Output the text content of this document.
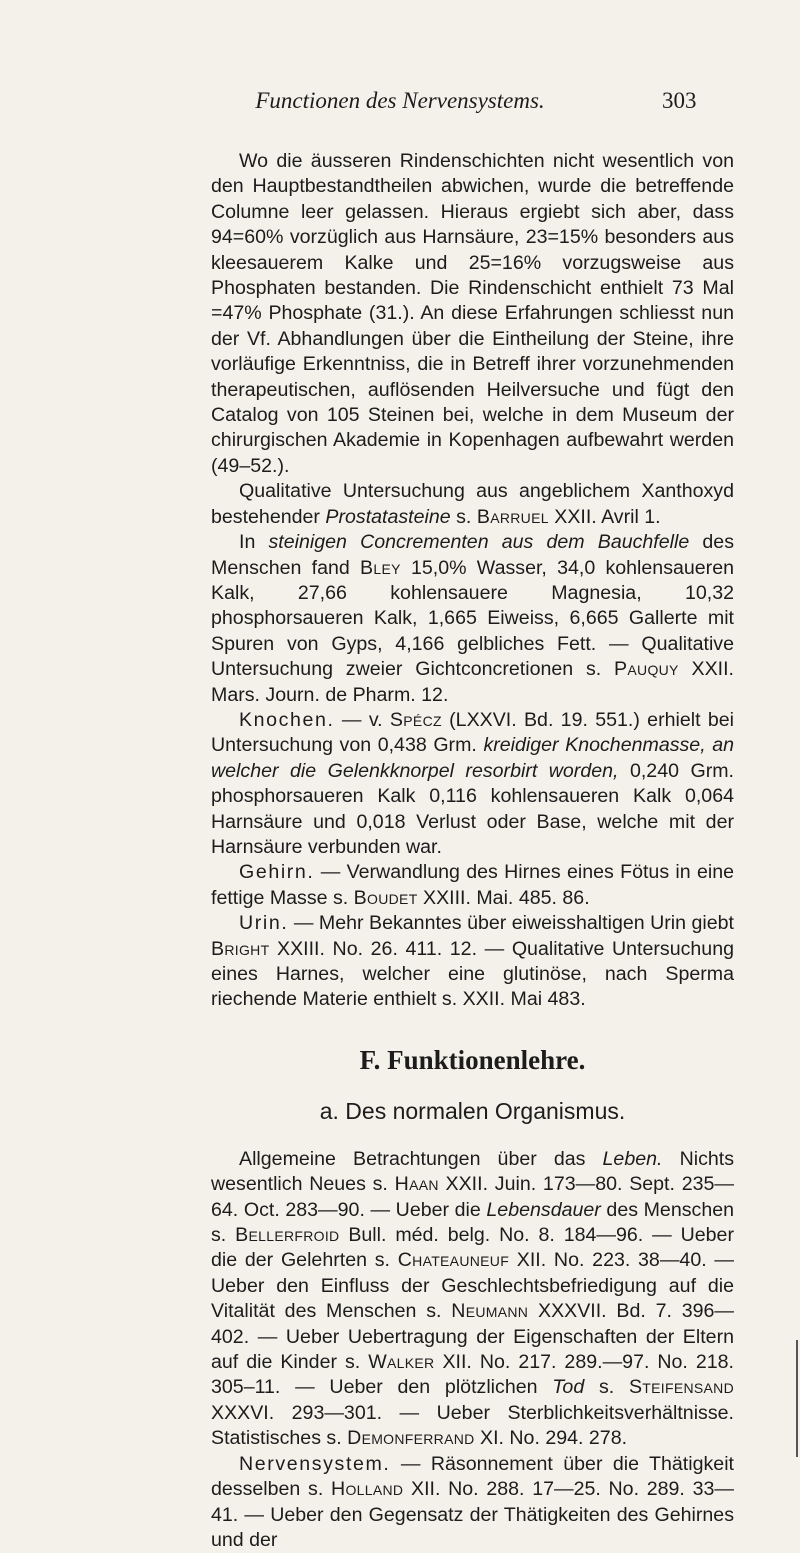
Functionen des Nervensystems.	303

Wo die äusseren Rindenschichten nicht wesentlich von den Hauptbestandtheilen abwichen, wurde die betreffende Columne leer gelassen. Hieraus ergiebt sich aber, dass 94=60% vorzüglich aus Harnsäure, 23=15% besonders aus kleesauerem Kalke und 25=16% vorzugsweise aus Phosphaten bestanden. Die Rindenschicht enthielt 73 Mal =47% Phosphate (31.). An diese Erfahrungen schliesst nun der Vf. Abhandlungen über die Eintheilung der Steine, ihre vorläufige Erkenntniss, die in Betreff ihrer vorzunehmenden therapeutischen, auflösenden Heilversuche und fügt den Catalog von 105 Steinen bei, welche in dem Museum der chirurgischen Akademie in Kopenhagen aufbewahrt werden (49–52.).

Qualitative Untersuchung aus angeblichem Xanthoxyd bestehender Prostatasteine s. Barruel XXII. Avril 1.

In steinigen Concrementen aus dem Bauchfelle des Menschen fand Bley 15,0% Wasser, 34,0 kohlensaueren Kalk, 27,66 kohlensauere Magnesia, 10,32 phosphorsaueren Kalk, 1,665 Eiweiss, 6,665 Gallerte mit Spuren von Gyps, 4,166 gelbliches Fett. — Qualitative Untersuchung zweier Gichtconcretionen s. Pauquy XXII. Mars. Journ. de Pharm. 12.

Knochen. — v. Spécz (LXXVI. Bd. 19. 551.) erhielt bei Untersuchung von 0,438 Grm. kreidiger Knochenmasse, an welcher die Gelenkknorpel resorbirt worden, 0,240 Grm. phosphorsaueren Kalk 0,116 kohlensaueren Kalk 0,064 Harnsäure und 0,018 Verlust oder Base, welche mit der Harnsäure verbunden war.

Gehirn. — Verwandlung des Hirnes eines Fötus in eine fettige Masse s. Boudet XXIII. Mai. 485. 86.

Urin. — Mehr Bekanntes über eiweisshaltigen Urin giebt Bright XXIII. No. 26. 411. 12. — Qualitative Untersuchung eines Harnes, welcher eine glutinöse, nach Sperma riechende Materie enthielt s. XXII. Mai 483.

F. Funktionenlehre.
a. Des normalen Organismus.

Allgemeine Betrachtungen über das Leben. Nichts wesentlich Neues s. Haan XXII. Juin. 173—80. Sept. 235—64. Oct. 283—90. — Ueber die Lebensdauer des Menschen s. Bellerfroid Bull. méd. belg. No. 8. 184—96. — Ueber die der Gelehrten s. Chateauneuf XII. No. 223. 38—40. — Ueber den Einfluss der Geschlechtsbefriedigung auf die Vitalität des Menschen s. Neumann XXXVII. Bd. 7. 396—402. — Ueber Uebertragung der Eigenschaften der Eltern auf die Kinder s. Walker XII. No. 217. 289.—97. No. 218. 305–11. — Ueber den plötzlichen Tod s. Steifensand XXXVI. 293—301. — Ueber Sterblichkeitsverhältnisse. Statistisches s. Demonferrand XI. No. 294. 278.

Nervensystem. — Räsonnement über die Thätigkeit desselben s. Holland XII. No. 288. 17—25. No. 289. 33—41. — Ueber den Gegensatz der Thätigkeiten des Gehirnes und der
